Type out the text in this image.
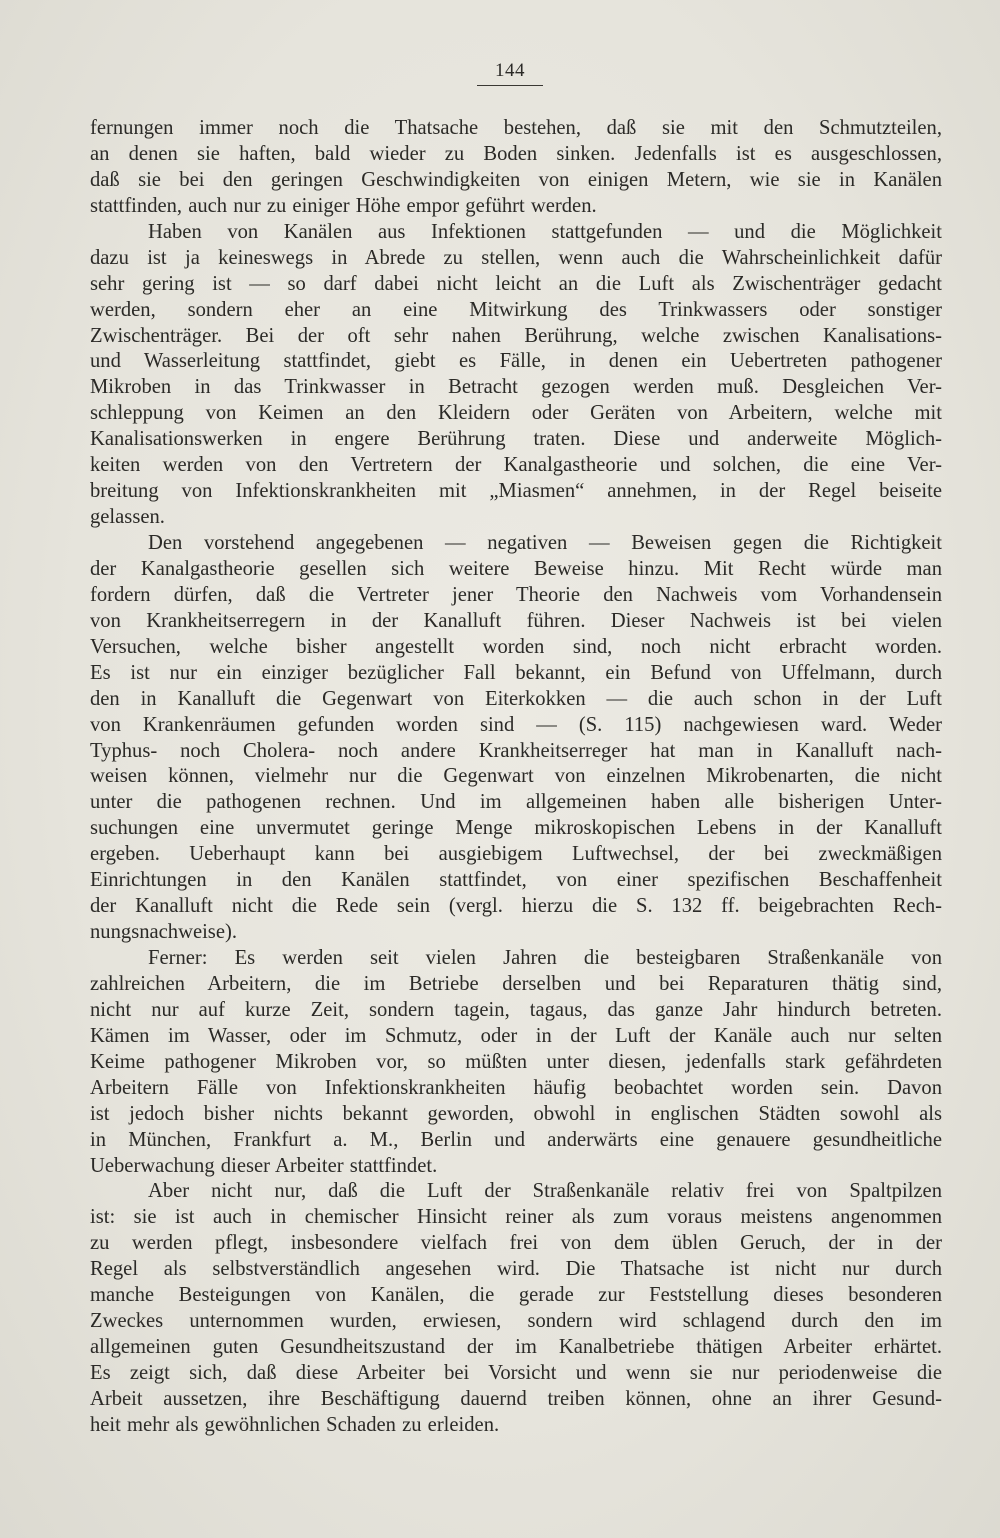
144
fernungen immer noch die Thatsache bestehen, daß sie mit den Schmutzteilen,
an denen sie haften, bald wieder zu Boden sinken. Jedenfalls ist es ausgeschlossen,
daß sie bei den geringen Geschwindigkeiten von einigen Metern, wie sie in Kanälen
stattfinden, auch nur zu einiger Höhe empor geführt werden.
Haben von Kanälen aus Infektionen stattgefunden — und die Möglichkeit
dazu ist ja keineswegs in Abrede zu stellen, wenn auch die Wahrscheinlichkeit dafür
sehr gering ist — so darf dabei nicht leicht an die Luft als Zwischenträger gedacht
werden, sondern eher an eine Mitwirkung des Trinkwassers oder sonstiger
Zwischenträger. Bei der oft sehr nahen Berührung, welche zwischen Kanalisations-
und Wasserleitung stattfindet, giebt es Fälle, in denen ein Uebertreten pathogener
Mikroben in das Trinkwasser in Betracht gezogen werden muß. Desgleichen Ver-
schleppung von Keimen an den Kleidern oder Geräten von Arbeitern, welche mit
Kanalisationswerken in engere Berührung traten. Diese und anderweite Möglich-
keiten werden von den Vertretern der Kanalgastheorie und solchen, die eine Ver-
breitung von Infektionskrankheiten mit „Miasmen“ annehmen, in der Regel beiseite
gelassen.
Den vorstehend angegebenen — negativen — Beweisen gegen die Richtigkeit
der Kanalgastheorie gesellen sich weitere Beweise hinzu. Mit Recht würde man
fordern dürfen, daß die Vertreter jener Theorie den Nachweis vom Vorhandensein
von Krankheitserregern in der Kanalluft führen. Dieser Nachweis ist bei vielen
Versuchen, welche bisher angestellt worden sind, noch nicht erbracht worden.
Es ist nur ein einziger bezüglicher Fall bekannt, ein Befund von Uffelmann, durch
den in Kanalluft die Gegenwart von Eiterkokken — die auch schon in der Luft
von Krankenräumen gefunden worden sind — (S. 115) nachgewiesen ward. Weder
Typhus- noch Cholera- noch andere Krankheitserreger hat man in Kanalluft nach-
weisen können, vielmehr nur die Gegenwart von einzelnen Mikrobenarten, die nicht
unter die pathogenen rechnen. Und im allgemeinen haben alle bisherigen Unter-
suchungen eine unvermutet geringe Menge mikroskopischen Lebens in der Kanalluft
ergeben. Ueberhaupt kann bei ausgiebigem Luftwechsel, der bei zweckmäßigen
Einrichtungen in den Kanälen stattfindet, von einer spezifischen Beschaffenheit
der Kanalluft nicht die Rede sein (vergl. hierzu die S. 132 ff. beigebrachten Rech-
nungsnachweise).
Ferner: Es werden seit vielen Jahren die besteigbaren Straßenkanäle von
zahlreichen Arbeitern, die im Betriebe derselben und bei Reparaturen thätig sind,
nicht nur auf kurze Zeit, sondern tagein, tagaus, das ganze Jahr hindurch betreten.
Kämen im Wasser, oder im Schmutz, oder in der Luft der Kanäle auch nur selten
Keime pathogener Mikroben vor, so müßten unter diesen, jedenfalls stark gefährdeten
Arbeitern Fälle von Infektionskrankheiten häufig beobachtet worden sein. Davon
ist jedoch bisher nichts bekannt geworden, obwohl in englischen Städten sowohl als
in München, Frankfurt a. M., Berlin und anderwärts eine genauere gesundheitliche
Ueberwachung dieser Arbeiter stattfindet.
Aber nicht nur, daß die Luft der Straßenkanäle relativ frei von Spaltpilzen
ist: sie ist auch in chemischer Hinsicht reiner als zum voraus meistens angenommen
zu werden pflegt, insbesondere vielfach frei von dem üblen Geruch, der in der
Regel als selbstverständlich angesehen wird. Die Thatsache ist nicht nur durch
manche Besteigungen von Kanälen, die gerade zur Feststellung dieses besonderen
Zweckes unternommen wurden, erwiesen, sondern wird schlagend durch den im
allgemeinen guten Gesundheitszustand der im Kanalbetriebe thätigen Arbeiter erhärtet.
Es zeigt sich, daß diese Arbeiter bei Vorsicht und wenn sie nur periodenweise die
Arbeit aussetzen, ihre Beschäftigung dauernd treiben können, ohne an ihrer Gesund-
heit mehr als gewöhnlichen Schaden zu erleiden.
